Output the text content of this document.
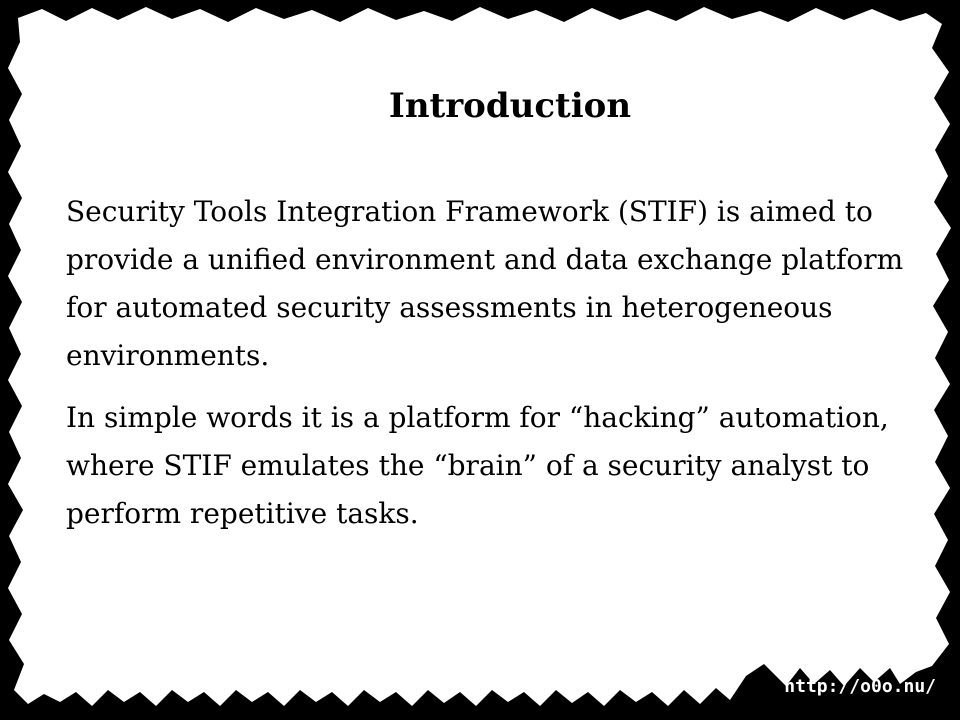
Introduction

Security Tools Integration Framework (STIF) is aimed to provide a unified environment and data exchange platform for automated security assessments in heterogeneous environments.

In simple words it is a platform for “hacking” automation, where STIF emulates the “brain” of a security analyst to perform repetitive tasks.

http://o0o.nu/
